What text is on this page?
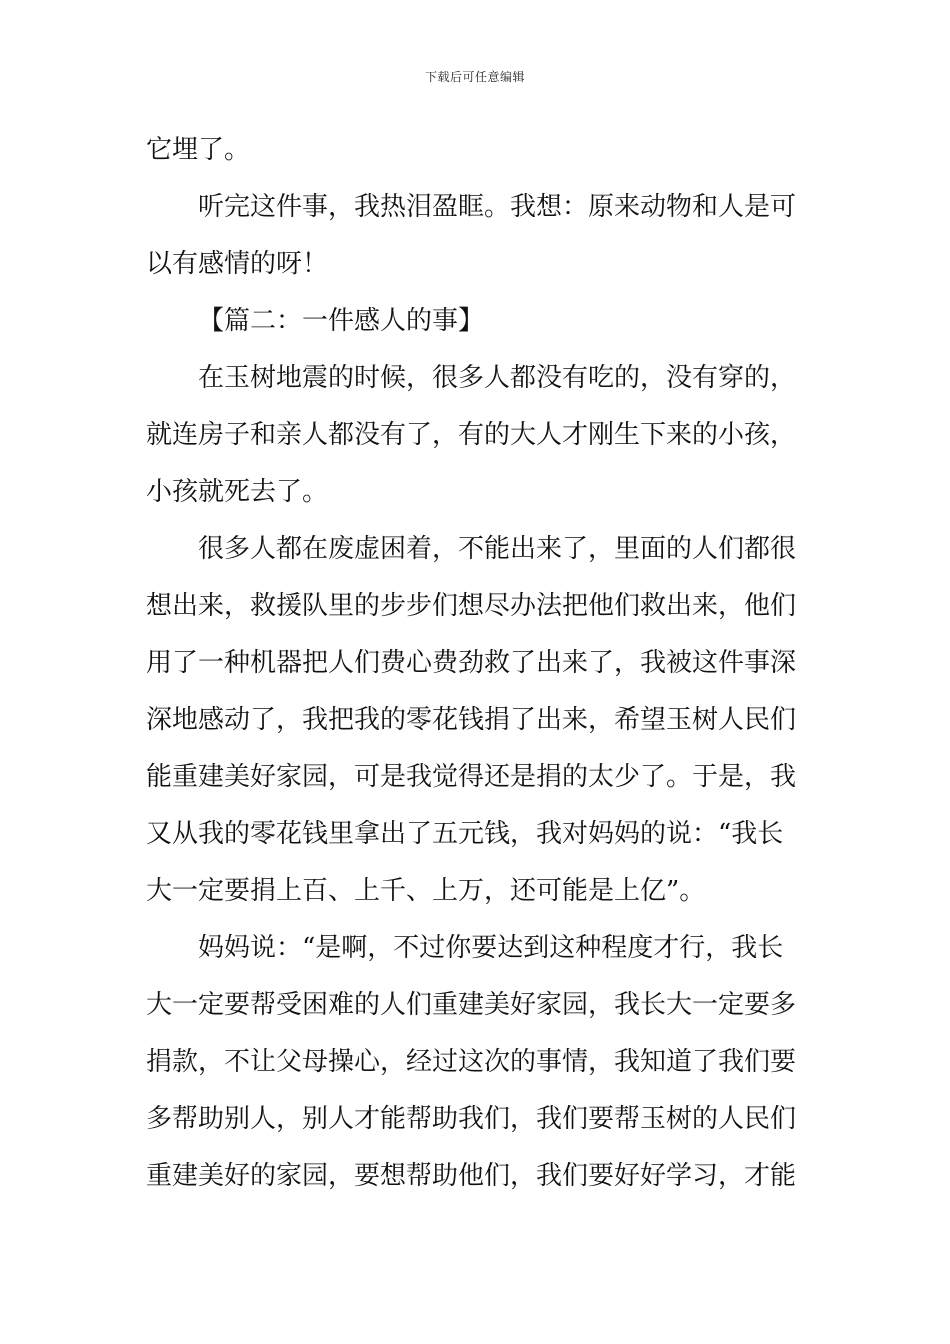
下载后可任意编辑
它埋了。
听完这件事，我热泪盈眶。我想：原来动物和人是可
以有感情的呀！
【篇二：一件感人的事】
在玉树地震的时候，很多人都没有吃的，没有穿的，
就连房子和亲人都没有了，有的大人才刚生下来的小孩，
小孩就死去了。
很多人都在废虚困着，不能出来了，里面的人们都很
想出来，救援队里的步步们想尽办法把他们救出来，他们
用了一种机器把人们费心费劲救了出来了，我被这件事深
深地感动了，我把我的零花钱捐了出来，希望玉树人民们
能重建美好家园，可是我觉得还是捐的太少了。于是，我
又从我的零花钱里拿出了五元钱，我对妈妈的说：“我长
大一定要捐上百、上千、上万，还可能是上亿”。
妈妈说：“是啊，不过你要达到这种程度才行，我长
大一定要帮受困难的人们重建美好家园，我长大一定要多
捐款，不让父母操心，经过这次的事情，我知道了我们要
多帮助别人，别人才能帮助我们，我们要帮玉树的人民们
重建美好的家园，要想帮助他们，我们要好好学习，才能
